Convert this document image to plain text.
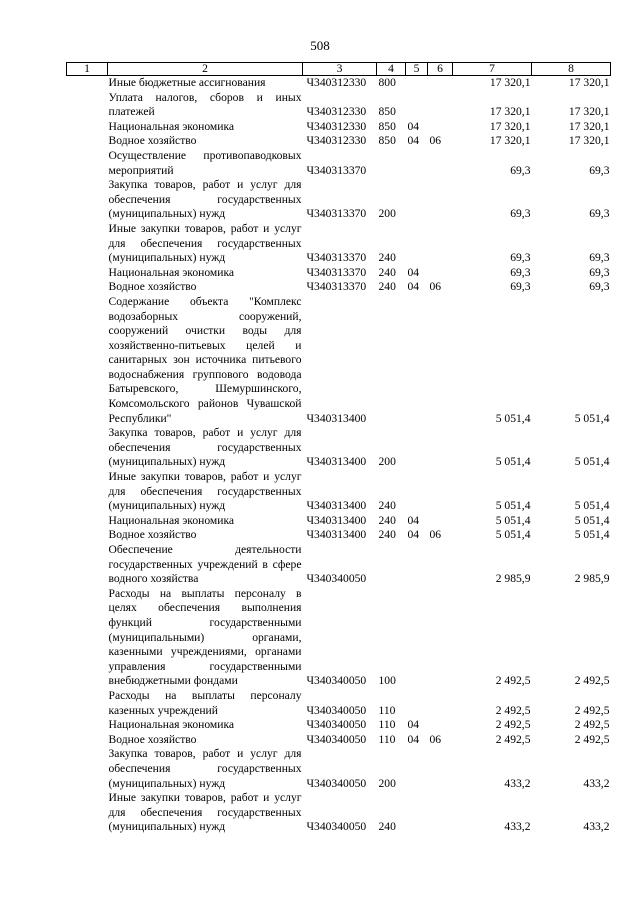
508
1	2	3	4	5	6	7	8
	Иные бюджетные ассигнования	Ч340312330	800			17 320,1	17 320,1
	Уплата налогов, сборов и иных платежей	Ч340312330	850			17 320,1	17 320,1
	Национальная экономика	Ч340312330	850	04		17 320,1	17 320,1
	Водное хозяйство	Ч340312330	850	04	06	17 320,1	17 320,1
	Осуществление противопаводковых мероприятий	Ч340313370				69,3	69,3
	Закупка товаров, работ и услуг для обеспечения государственных (муниципальных) нужд	Ч340313370	200			69,3	69,3
	Иные закупки товаров, работ и услуг для обеспечения государственных (муниципальных) нужд	Ч340313370	240			69,3	69,3
	Национальная экономика	Ч340313370	240	04		69,3	69,3
	Водное хозяйство	Ч340313370	240	04	06	69,3	69,3
	Содержание объекта "Комплекс водозаборных сооружений, сооружений очистки воды для хозяйственно-питьевых целей и санитарных зон источника питьевого водоснабжения группового водовода Батыревского, Шемуршинского, Комсомольского районов Чувашской Республики"	Ч340313400				5 051,4	5 051,4
	Закупка товаров, работ и услуг для обеспечения государственных (муниципальных) нужд	Ч340313400	200			5 051,4	5 051,4
	Иные закупки товаров, работ и услуг для обеспечения государственных (муниципальных) нужд	Ч340313400	240			5 051,4	5 051,4
	Национальная экономика	Ч340313400	240	04		5 051,4	5 051,4
	Водное хозяйство	Ч340313400	240	04	06	5 051,4	5 051,4
	Обеспечение деятельности государственных учреждений в сфере водного хозяйства	Ч340340050				2 985,9	2 985,9
	Расходы на выплаты персоналу в целях обеспечения выполнения функций государственными (муниципальными) органами, казенными учреждениями, органами управления государственными внебюджетными фондами	Ч340340050	100			2 492,5	2 492,5
	Расходы на выплаты персоналу казенных учреждений	Ч340340050	110			2 492,5	2 492,5
	Национальная экономика	Ч340340050	110	04		2 492,5	2 492,5
	Водное хозяйство	Ч340340050	110	04	06	2 492,5	2 492,5
	Закупка товаров, работ и услуг для обеспечения государственных (муниципальных) нужд	Ч340340050	200			433,2	433,2
	Иные закупки товаров, работ и услуг для обеспечения государственных (муниципальных) нужд	Ч340340050	240			433,2	433,2
